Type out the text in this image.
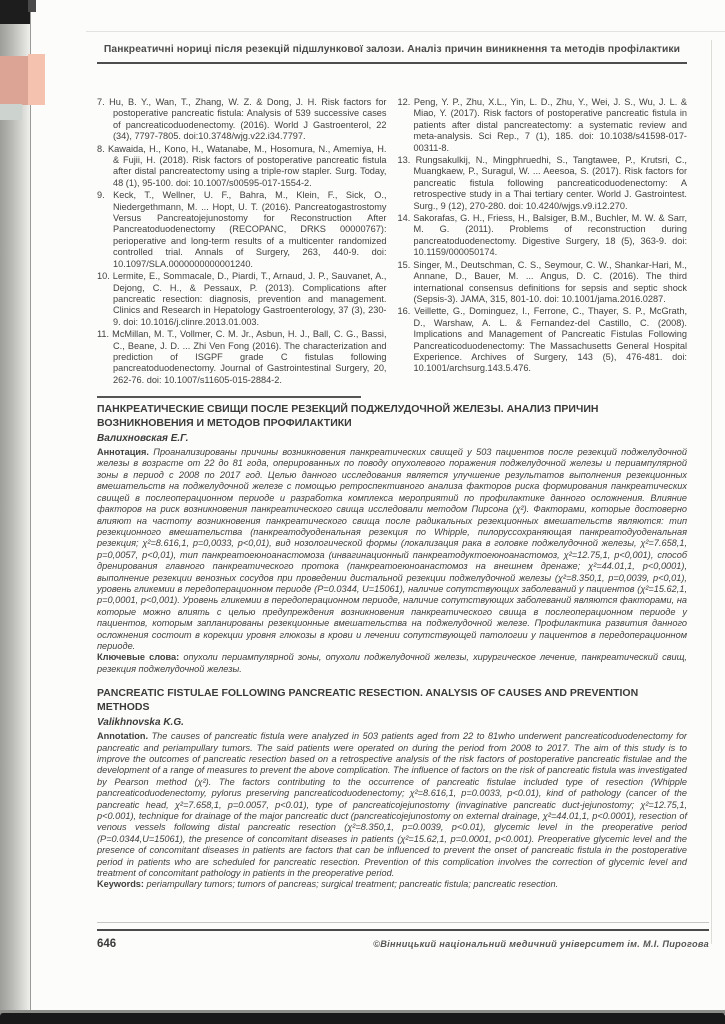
Панкреатичні нориці після резекцій підшлункової залози. Аналіз причин виникнення та методів профілактики
7. Hu, B. Y., Wan, T., Zhang, W. Z. & Dong, J. H. Risk factors for postoperative pancreatic fistula: Analysis of 539 successive cases of pancreaticoduodenectomy. (2016). World J Gastroenterol, 22 (34), 7797-7805. doi:10.3748/wjg.v22.i34.7797.
8. Kawaida, H., Kono, H., Watanabe, M., Hosomura, N., Amemiya, H. & Fujii, H. (2018). Risk factors of postoperative pancreatic fistula after distal pancreatectomy using a triple-row stapler. Surg. Today, 48 (1), 95-100. doi: 10.1007/s00595-017-1554-2.
9. Keck, T., Wellner, U. F., Bahra, M., Klein, F., Sick, O., Niedergethmann, M. ... Hopt, U. T. (2016). Pancreatogastrostomy Versus Pancreatojejunostomy for Reconstruction After Pancreatoduodenectomy (RECOPANC, DRKS 00000767): perioperative and long-term results of a multicenter randomized controlled trial. Annals of Surgery, 263, 440-9. doi: 10.1097/SLA.0000000000001240.
10. Lermite, E., Sommacale, D., Piardi, T., Arnaud, J. P., Sauvanet, A., Dejong, C. H., & Pessaux, P. (2013). Complications after pancreatic resection: diagnosis, prevention and management. Clinics and Research in Hepatology Gastroenterology, 37 (3), 230-9. doi: 10.1016/j.clinre.2013.01.003.
11. McMillan, M. T., Vollmer, C. M. Jr., Asbun, H. J., Ball, C. G., Bassi, C., Beane, J. D. ... Zhi Ven Fong (2016). The characterization and prediction of ISGPF grade C fistulas following pancreatoduodenectomy. Journal of Gastrointestinal Surgery, 20, 262-76. doi: 10.1007/s11605-015-2884-2.
12. Peng, Y. P., Zhu, X.L., Yin, L. D., Zhu, Y., Wei, J. S., Wu, J. L. & Miao, Y. (2017). Risk factors of postoperative pancreatic fistula in patients after distal pancreatectomy: a systematic review and meta-analysis. Sci Rep., 7 (1), 185. doi: 10.1038/s41598-017-00311-8.
13. Rungsakulkij, N., Mingphruedhi, S., Tangtawee, P., Krutsri, C., Muangkaew, P., Suragul, W. ... Aeesoa, S. (2017). Risk factors for pancreatic fistula following pancreaticoduodenectomy: A retrospective study in a Thai tertiary center. World J. Gastrointest. Surg., 9 (12), 270-280. doi: 10.4240/wjgs.v9.i12.270.
14. Sakorafas, G. H., Friess, H., Balsiger, B.M., Buchler, M. W. & Sarr, M. G. (2011). Problems of reconstruction during pancreatoduodenectomy. Digestive Surgery, 18 (5), 363-9. doi: 10.1159/000050174.
15. Singer, M., Deutschman, C. S., Seymour, C. W., Shankar-Hari, M., Annane, D., Bauer, M. ... Angus, D. C. (2016). The third international consensus definitions for sepsis and septic shock (Sepsis-3). JAMA, 315, 801-10. doi: 10.1001/jama.2016.0287.
16. Veillette, G., Dominguez, I., Ferrone, C., Thayer, S. P., McGrath, D., Warshaw, A. L. & Fernandez-del Castillo, C. (2008). Implications and Management of Pancreatic Fistulas Following Pancreaticoduodenectomy: The Massachusetts General Hospital Experience. Archives of Surgery, 143 (5), 476-481. doi: 10.1001/archsurg.143.5.476.
ПАНКРЕАТИЧЕСКИЕ СВИЩИ ПОСЛЕ РЕЗЕКЦИЙ ПОДЖЕЛУДОЧНОЙ ЖЕЛЕЗЫ. АНАЛИЗ ПРИЧИН ВОЗНИКНОВЕНИЯ И МЕТОДОВ ПРОФИЛАКТИКИ
Валихновская Е.Г.

Аннотация. Проанализированы причины возникновения панкреатических свищей у 503 пациентов после резекций поджелудочной железы в возрасте от 22 до 81 года, оперированных по поводу опухолевого поражения поджелудочной железы и периампулярной зоны в период с 2008 по 2017 год. Целью данного исследования является улучшение результатов выполнения резекционных вмешательств на поджелудочной железе с помощью ретроспективного анализа факторов риска формирования панкреатических свищей в послеоперационном периоде и разработка комплекса мероприятий по профилактике данного осложнения. Влияние факторов на риск возникновения панкреатического свища исследовали методом Пирсона (χ²). Факторами, которые достоверно влияют на частоту возникновения панкреатического свища после радикальных резекционных вмешательств являются: тип резекционного вмешательства (панкреатодуоденальная резекция по Whipple, пилоруссохраняющая панкреатодуоденальная резекция; χ²=8.616,1, p=0,0033, p<0,01), вид нозологической формы (локализация рака в головке поджелудочной железы, χ²=7.658,1, p=0,0057, p<0,01), тип панкреатоеюноанастомоза (инвагинационный панкреатодуктоеюноанастомоз, χ²=12.75,1, p<0,001), способ дренирования главного панкреатического протока (панкреатоеюноанастомоз на внешнем дренаже; χ²=44.01,1, p<0,0001), выполнение резекции венозных сосудов при проведении дистальной резекции поджелудочной железы (χ²=8.350,1, p=0,0039, p<0,01), уровень гликемии в передоперационном периоде (P=0.0344, U=15061), наличие сопутствующих заболеваний у пациентов (χ²=15.62,1, p=0,0001, p<0,001). Уровень гликемии в передоперационном периоде, наличие сопутствующих заболеваний являются факторами, на которые можно влиять с целью предупреждения возникновения панкреатического свища в послеоперационном периоде у пациентов, которым запланированы резекционные вмешательства на поджелудочной железе. Профилактика развития данного осложнения состоит в корекции уровня глюкозы в крови и лечении сопутствующей патологии у пациентов в передоперационном периоде.

Ключевые слова: опухоли периампулярной зоны, опухоли поджелудочной железы, хирургическое лечение, панкреатический свищ, резекция поджелудочной железы.

PANCREATIC FISTULAE FOLLOWING PANCREATIC RESECTION. ANALYSIS OF CAUSES AND PREVENTION METHODS
Valikhnovska K.G.

Annotation. The causes of pancreatic fistula were analyzed in 503 patients aged from 22 to 81who underwent pancreaticoduodenectomy for pancreatic and periampullary tumors. The said patients were operated on during the period from 2008 to 2017. The aim of this study is to improve the outcomes of pancreatic resection based on a retrospective analysis of the risk factors of postoperative pancreatic fistulae and the development of a range of measures to prevent the above complication. The influence of factors on the risk of pancreatic fistula was investigated by Pearson method (χ²). The factors contributing to the occurrence of pancreatic fistulae included type of resection (Whipple pancreaticoduodenectomy, pylorus preserving pancreaticoduodenectomy; χ²=8.616,1, p=0.0033, p<0.01), kind of pathology (cancer of the pancreatic head, χ²=7.658,1, p=0.0057, p<0.01), type of pancreaticojejunostomy (invaginative pancreatic duct-jejunostomy; χ²=12.75,1, p<0.001), technique for drainage of the major pancreatic duct (pancreaticojejunostomy on external drainage, χ²=44.01,1, p<0.0001), resection of venous vessels following distal pancreatic resection (χ²=8.350,1, p=0.0039, p<0.01), glycemic level in the preoperative period (P=0.0344,U=15061), the presence of concomitant diseases in patients (χ²=15.62,1, p=0.0001, p<0.001). Preoperative glycemic level and the presence of concomitant diseases in patients are factors that can be influenced to prevent the onset of pancreatic fistula in the postoperative period in patients who are scheduled for pancreatic resection. Prevention of this complication involves the correction of glycemic level and treatment of concomitant pathology in patients in the preoperative period.

Keywords: periampullary tumors; tumors of pancreas; surgical treatment; pancreatic fistula; pancreatic resection.

646	©Вінницький національний медичний університет ім. М.І. Пирогова
